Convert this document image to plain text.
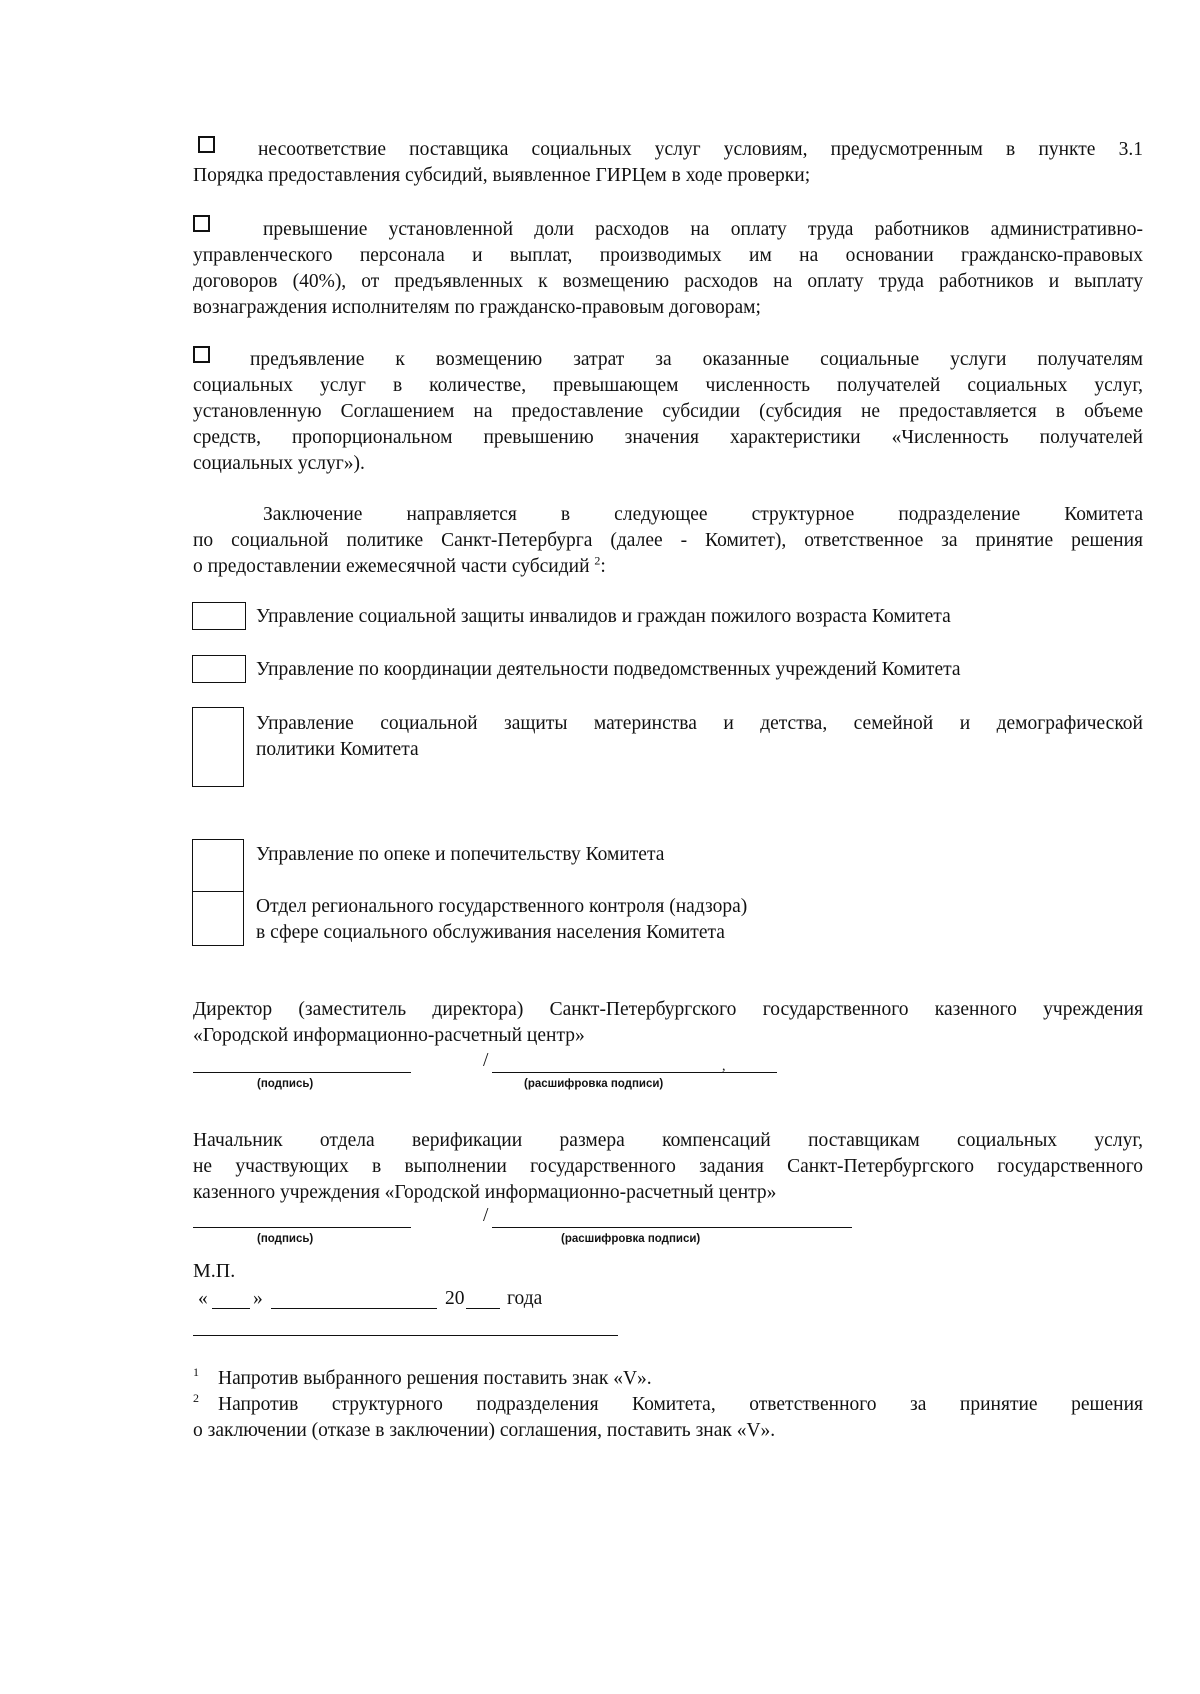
несоответствие поставщика социальных услуг условиям, предусмотренным в пункте 3.1
Порядка предоставления субсидий, выявленное ГИРЦем в ходе проверки;
превышение установленной доли расходов на оплату труда работников административно-
управленческого персонала и выплат, производимых им на основании гражданско-правовых
договоров (40%), от предъявленных к возмещению расходов на оплату труда работников и выплату
вознаграждения исполнителям по гражданско-правовым договорам;
предъявление к возмещению затрат за оказанные социальные услуги получателям
социальных услуг в количестве, превышающем численность получателей социальных услуг,
установленную Соглашением на предоставление субсидии (субсидия не предоставляется в объеме
средств, пропорциональном превышению значения характеристики «Численность получателей
социальных услуг»).
Заключение направляется в следующее структурное подразделение Комитета
по социальной политике Санкт-Петербурга (далее - Комитет), ответственное за принятие решения
о предоставлении ежемесячной части субсидий $^2$:
Управление социальной защиты инвалидов и граждан пожилого возраста Комитета
Управление по координации деятельности подведомственных учреждений Комитета
Управление социальной защиты материнства и детства, семейной и демографической
политики Комитета
Управление по опеке и попечительству Комитета
Отдел регионального государственного контроля (надзора)
в сфере социального обслуживания населения Комитета
Директор (заместитель директора) Санкт-Петербургского государственного казенного учреждения
«Городской информационно-расчетный центр»
/	,
(подпись)	(расшифровка подписи)
Начальник отдела верификации размера компенсаций поставщикам социальных услуг,
не участвующих в выполнении государственного задания Санкт-Петербургского государственного
казенного учреждения «Городской информационно-расчетный центр»
/
(подпись)	(расшифровка подписи)
М.П.
« »	20 года
1 Напротив выбранного решения поставить знак «V».
2 Напротив структурного подразделения Комитета, ответственного за принятие решения
о заключении (отказе в заключении) соглашения, поставить знак «V».
